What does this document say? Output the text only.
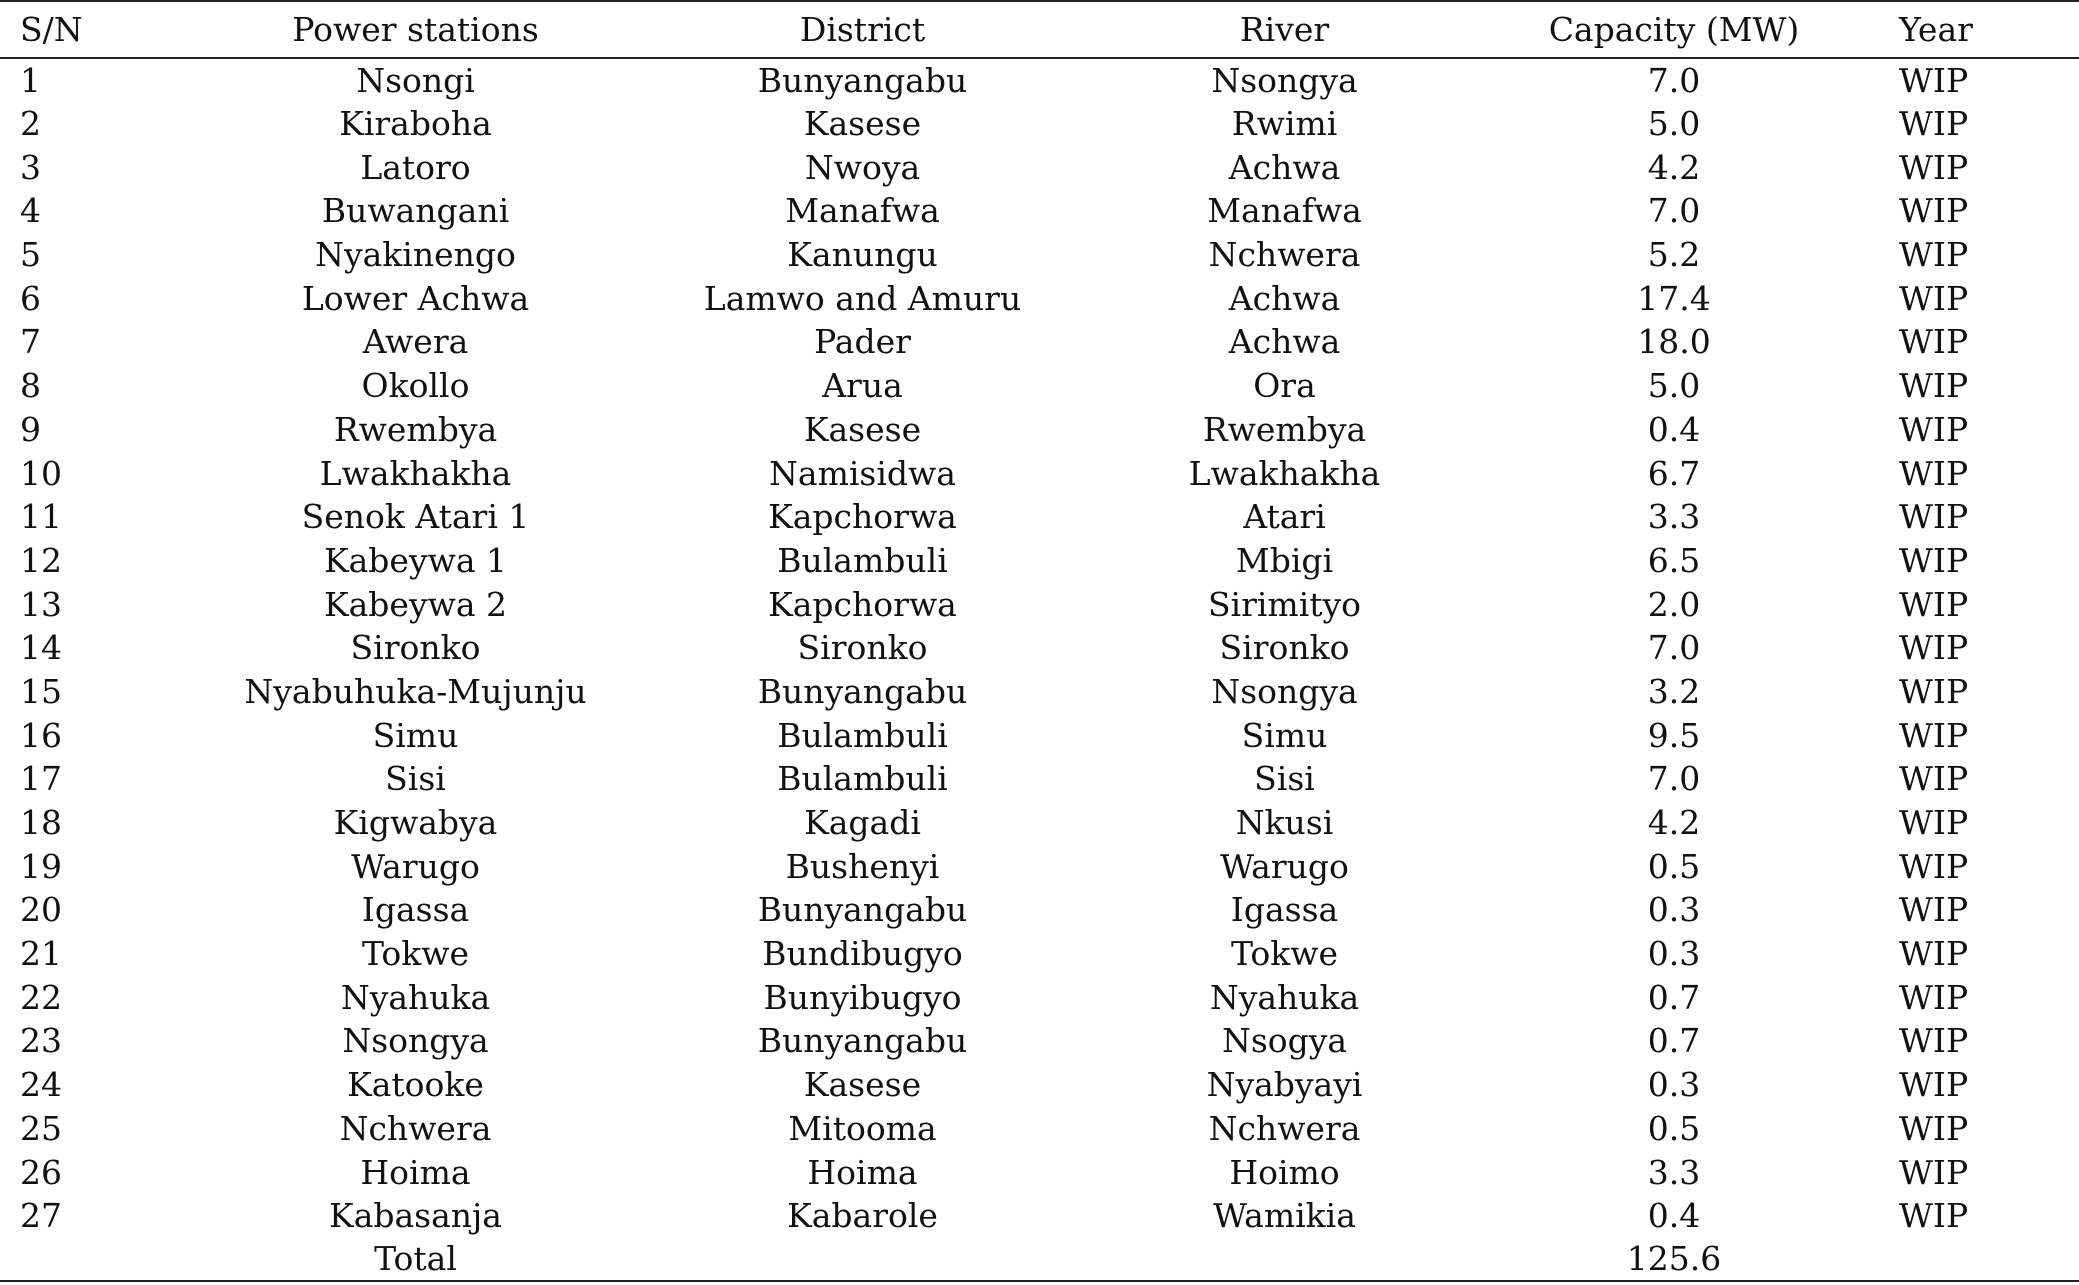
S/N	Power stations	District	River	Capacity (MW)	Year
1	Nsongi	Bunyangabu	Nsongya	7.0	WIP
2	Kiraboha	Kasese	Rwimi	5.0	WIP
3	Latoro	Nwoya	Achwa	4.2	WIP
4	Buwangani	Manafwa	Manafwa	7.0	WIP
5	Nyakinengo	Kanungu	Nchwera	5.2	WIP
6	Lower Achwa	Lamwo and Amuru	Achwa	17.4	WIP
7	Awera	Pader	Achwa	18.0	WIP
8	Okollo	Arua	Ora	5.0	WIP
9	Rwembya	Kasese	Rwembya	0.4	WIP
10	Lwakhakha	Namisidwa	Lwakhakha	6.7	WIP
11	Senok Atari 1	Kapchorwa	Atari	3.3	WIP
12	Kabeywa 1	Bulambuli	Mbigi	6.5	WIP
13	Kabeywa 2	Kapchorwa	Sirimityo	2.0	WIP
14	Sironko	Sironko	Sironko	7.0	WIP
15	Nyabuhuka-Mujunju	Bunyangabu	Nsongya	3.2	WIP
16	Simu	Bulambuli	Simu	9.5	WIP
17	Sisi	Bulambuli	Sisi	7.0	WIP
18	Kigwabya	Kagadi	Nkusi	4.2	WIP
19	Warugo	Bushenyi	Warugo	0.5	WIP
20	Igassa	Bunyangabu	Igassa	0.3	WIP
21	Tokwe	Bundibugyo	Tokwe	0.3	WIP
22	Nyahuka	Bunyibugyo	Nyahuka	0.7	WIP
23	Nsongya	Bunyangabu	Nsogya	0.7	WIP
24	Katooke	Kasese	Nyabyayi	0.3	WIP
25	Nchwera	Mitooma	Nchwera	0.5	WIP
26	Hoima	Hoima	Hoimo	3.3	WIP
27	Kabasanja	Kabarole	Wamikia	0.4	WIP
	Total			125.6	
